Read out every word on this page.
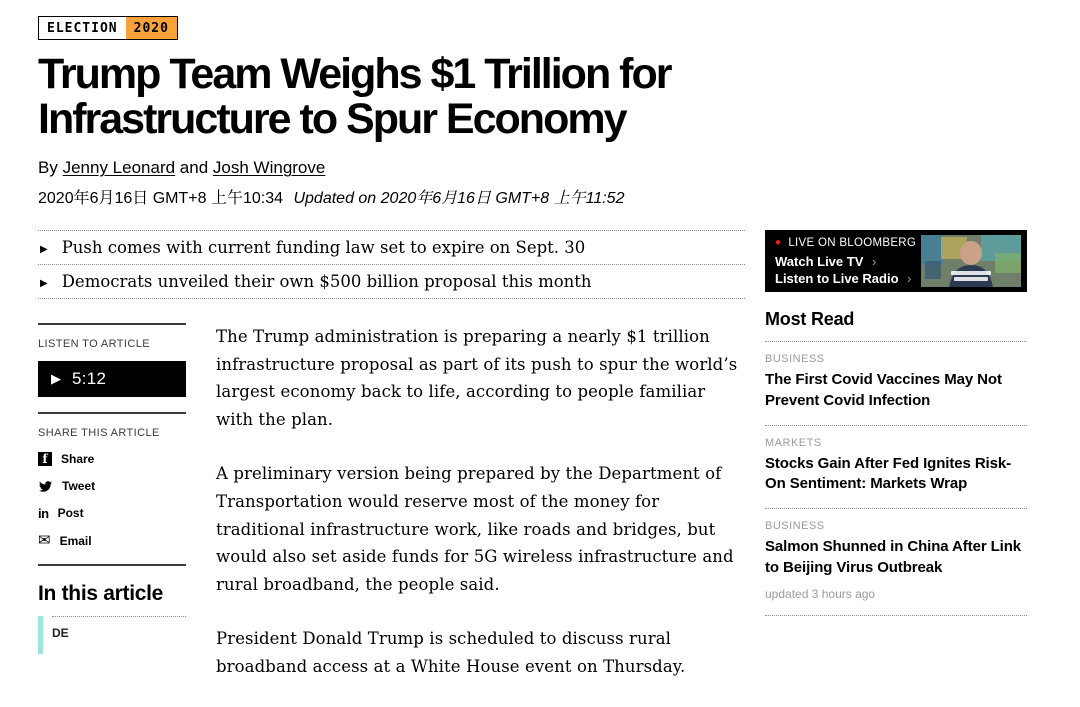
ELECTION	2020
Trump Team Weighs $1 Trillion for Infrastructure to Spur Economy
By Jenny Leonard and Josh Wingrove
2020年6月16日 GMT+8 上午10:34 Updated on 2020年6月16日 GMT+8 上午11:52
▶ Push comes with current funding law set to expire on Sept. 30
▶ Democrats unveiled their own $500 billion proposal this month
LISTEN TO ARTICLE
▶ 5:12
SHARE THIS ARTICLE
f	Share
Tweet
in Post
✉ Email
In this article
DE

The Trump administration is preparing a nearly $1 trillion infrastructure proposal as part of its push to spur the world’s largest economy back to life, according to people familiar with the plan.

A preliminary version being prepared by the Department of Transportation would reserve most of the money for traditional infrastructure work, like roads and bridges, but would also set aside funds for 5G wireless infrastructure and rural broadband, the people said.

President Donald Trump is scheduled to discuss rural broadband access at a White House event on Thursday.

● LIVE ON BLOOMBERG
Watch Live TV ›
Listen to Live Radio ›
Most Read
BUSINESS
The First Covid Vaccines May Not Prevent Covid Infection
MARKETS
Stocks Gain After Fed Ignites Risk-On Sentiment: Markets Wrap
BUSINESS
Salmon Shunned in China After Link to Beijing Virus Outbreak
updated 3 hours ago
